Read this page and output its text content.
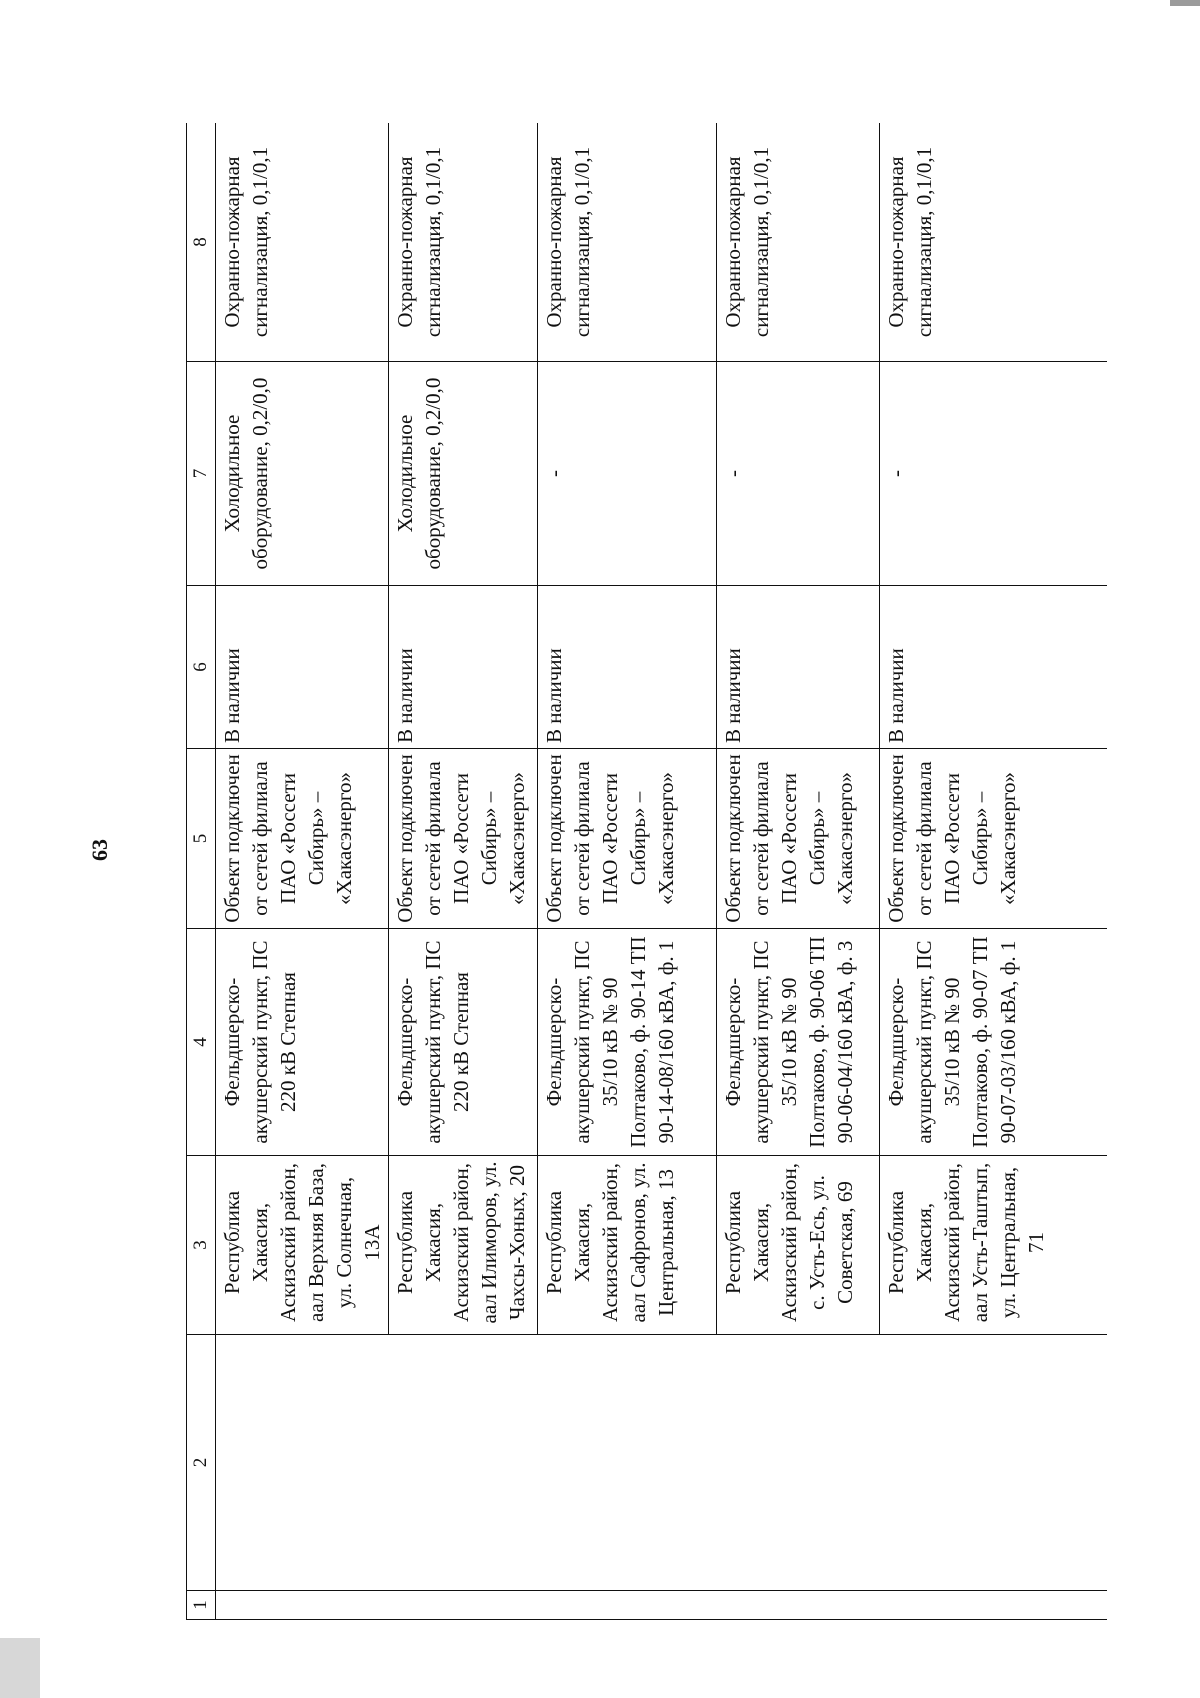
63
1	2	3	4	5	6	7	8
		Республика Хакасия, Аскизский район, аал Верхняя База, ул. Солнечная, 13А	Фельдшерско-акушерский пункт, ПС 220 кВ Степная	Объект подключен от сетей филиала ПАО «Россети Сибирь» – «Хакасэнерго»	В наличии	Холодильное оборудование, 0,2/0,0	Охранно-пожарная сигнализация, 0,1/0,1
		Республика Хакасия, Аскизский район, аал Илиморов, ул. Чахсы-Хоных, 20	Фельдшерско-акушерский пункт, ПС 220 кВ Степная	Объект подключен от сетей филиала ПАО «Россети Сибирь» – «Хакасэнерго»	В наличии	Холодильное оборудование, 0,2/0,0	Охранно-пожарная сигнализация, 0,1/0,1
		Республика Хакасия, Аскизский район, аал Сафронов, ул. Центральная, 13	Фельдшерско-акушерский пункт, ПС 35/10 кВ № 90 Полтаково, ф. 90-14 ТП 90-14-08/160 кВА, ф. 1	Объект подключен от сетей филиала ПАО «Россети Сибирь» – «Хакасэнерго»	В наличии	-	Охранно-пожарная сигнализация, 0,1/0,1
		Республика Хакасия, Аскизский район, с. Усть-Есь, ул. Советская, 69	Фельдшерско-акушерский пункт, ПС 35/10 кВ № 90 Полтаково, ф. 90-06 ТП 90-06-04/160 кВА, ф. 3	Объект подключен от сетей филиала ПАО «Россети Сибирь» – «Хакасэнерго»	В наличии	-	Охранно-пожарная сигнализация, 0,1/0,1
		Республика Хакасия, Аскизский район, аал Усть-Таштып, ул. Центральная, 71	Фельдшерско-акушерский пункт, ПС 35/10 кВ № 90 Полтаково, ф. 90-07 ТП 90-07-03/160 кВА, ф. 1	Объект подключен от сетей филиала ПАО «Россети Сибирь» – «Хакасэнерго»	В наличии	-	Охранно-пожарная сигнализация, 0,1/0,1
